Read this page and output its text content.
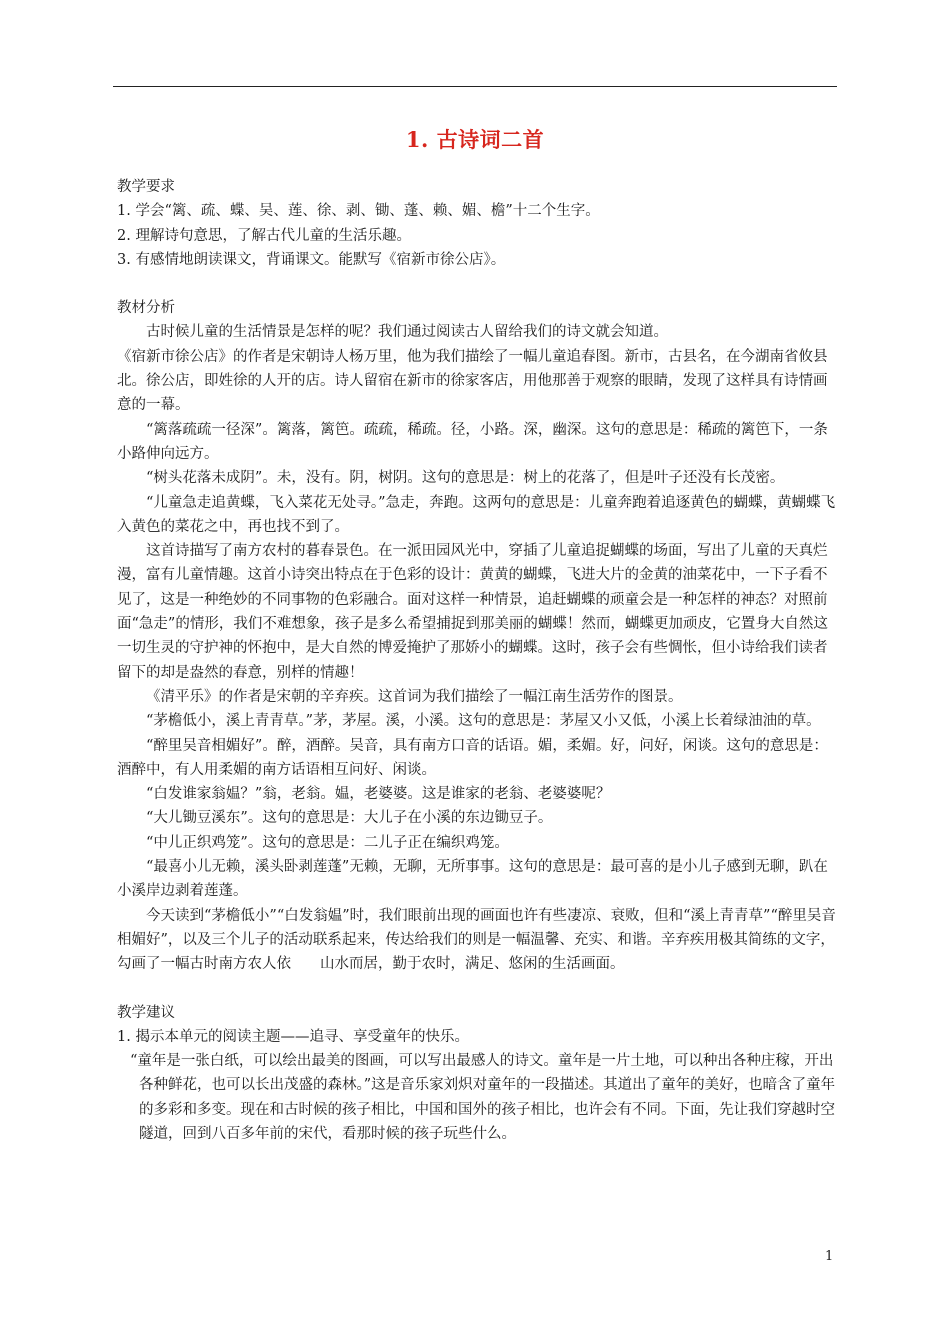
1. 古诗词二首

教学要求

1. 学会“篱、疏、蝶、吴、莲、徐、剥、锄、蓬、赖、媚、檐”十二个生字。

2. 理解诗句意思，了解古代儿童的生活乐趣。

3. 有感情地朗读课文，背诵课文。能默写《宿新市徐公店》。

教材分析

古时候儿童的生活情景是怎样的呢？我们通过阅读古人留给我们的诗文就会知道。

《宿新市徐公店》的作者是宋朝诗人杨万里，他为我们描绘了一幅儿童追春图。新市，古县名，在今湖南省攸县北。徐公店，即姓徐的人开的店。诗人留宿在新市的徐家客店，用他那善于观察的眼睛，发现了这样具有诗情画意的一幕。

“篱落疏疏一径深”。篱落，篱笆。疏疏，稀疏。径，小路。深，幽深。这句的意思是：稀疏的篱笆下，一条小路伸向远方。

“树头花落未成阴”。未，没有。阴，树阴。这句的意思是：树上的花落了，但是叶子还没有长茂密。

“儿童急走追黄蝶，飞入菜花无处寻。”急走，奔跑。这两句的意思是：儿童奔跑着追逐黄色的蝴蝶，黄蝴蝶飞入黄色的菜花之中，再也找不到了。

这首诗描写了南方农村的暮春景色。在一派田园风光中，穿插了儿童追捉蝴蝶的场面，写出了儿童的天真烂漫，富有儿童情趣。这首小诗突出特点在于色彩的设计：黄黄的蝴蝶，飞进大片的金黄的油菜花中，一下子看不见了，这是一种绝妙的不同事物的色彩融合。面对这样一种情景，追赶蝴蝶的顽童会是一种怎样的神态？对照前面“急走”的情形，我们不难想象，孩子是多么希望捕捉到那美丽的蝴蝶！然而，蝴蝶更加顽皮，它置身大自然这一切生灵的守护神的怀抱中，是大自然的博爱掩护了那娇小的蝴蝶。这时，孩子会有些惆怅，但小诗给我们读者留下的却是盎然的春意，别样的情趣！

《清平乐》的作者是宋朝的辛弃疾。这首词为我们描绘了一幅江南生活劳作的图景。

“茅檐低小，溪上青青草。”茅，茅屋。溪，小溪。这句的意思是：茅屋又小又低，小溪上长着绿油油的草。

“醉里吴音相媚好”。醉，酒醉。吴音，具有南方口音的话语。媚，柔媚。好，问好，闲谈。这句的意思是：酒醉中，有人用柔媚的南方话语相互问好、闲谈。

“白发谁家翁媪？”翁，老翁。媪，老婆婆。这是谁家的老翁、老婆婆呢？

“大儿锄豆溪东”。这句的意思是：大儿子在小溪的东边锄豆子。

“中儿正织鸡笼”。这句的意思是：二儿子正在编织鸡笼。

“最喜小儿无赖，溪头卧剥莲蓬”无赖，无聊，无所事事。这句的意思是：最可喜的是小儿子感到无聊，趴在小溪岸边剥着莲蓬。

今天读到“茅檐低小”“白发翁媪”时，我们眼前出现的画面也许有些凄凉、衰败，但和“溪上青青草”“醉里吴音相媚好”，以及三个儿子的活动联系起来，传达给我们的则是一幅温馨、充实、和谐。辛弃疾用极其简练的文字，勾画了一幅古时南方农人依　　山水而居，勤于农时，满足、悠闲的生活画面。

教学建议

1. 揭示本单元的阅读主题——追寻、享受童年的快乐。

“童年是一张白纸，可以绘出最美的图画，可以写出最感人的诗文。童年是一片土地，可以种出各种庄稼，开出各种鲜花，也可以长出茂盛的森林。”这是音乐家刘炽对童年的一段描述。其道出了童年的美好，也暗含了童年的多彩和多变。现在和古时候的孩子相比，中国和国外的孩子相比，也许会有不同。下面，先让我们穿越时空隧道，回到八百多年前的宋代，看那时候的孩子玩些什么。

1
